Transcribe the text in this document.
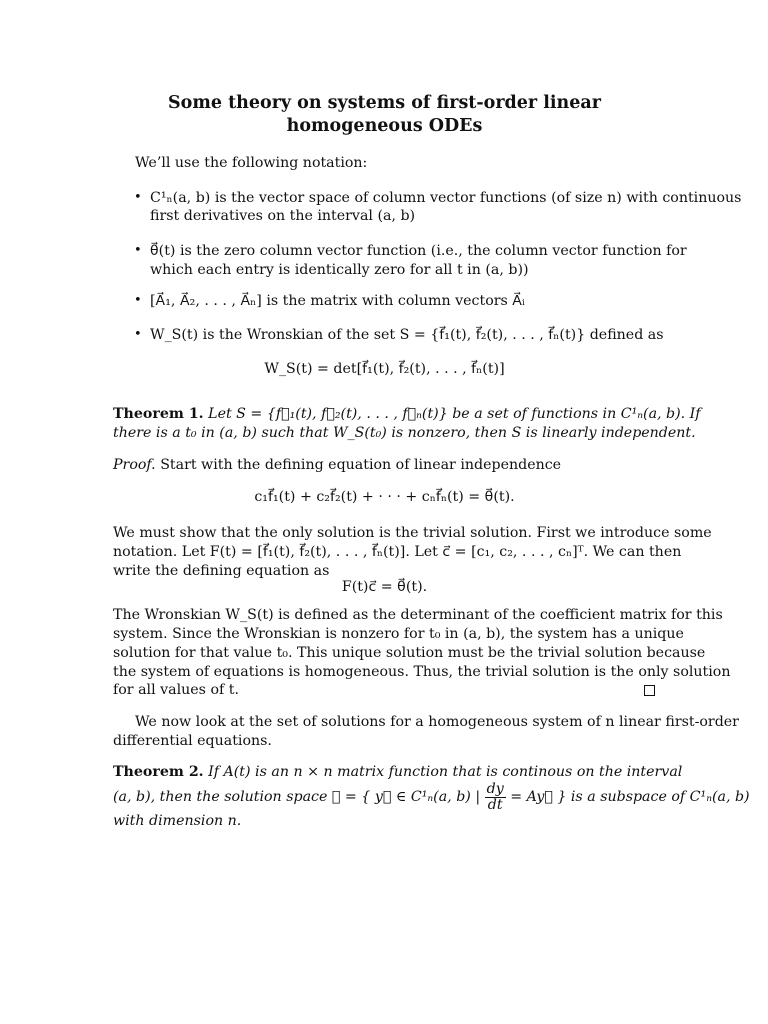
Some theory on systems of first-order linear homogeneous ODEs
We’ll use the following notation:
• C¹ₙ(a, b) is the vector space of column vector functions (of size n) with continuous
first derivatives on the interval (a, b)
• θ⃗(t) is the zero column vector function (i.e., the column vector function for
which each entry is identically zero for all t in (a, b))
• [A⃗₁, A⃗₂, . . . , A⃗ₙ] is the matrix with column vectors A⃗ᵢ
• W_S(t) is the Wronskian of the set S = {f⃗₁(t), f⃗₂(t), . . . , f⃗ₙ(t)} defined as
W_S(t) = det[f⃗₁(t), f⃗₂(t), . . . , f⃗ₙ(t)]
Theorem 1. Let S = {f⃗₁(t), f⃗₂(t), . . . , f⃗ₙ(t)} be a set of functions in C¹ₙ(a, b). If
there is a t₀ in (a, b) such that W_S(t₀) is nonzero, then S is linearly independent.
Proof. Start with the defining equation of linear independence
c₁f⃗₁(t) + c₂f⃗₂(t) + · · · + cₙf⃗ₙ(t) = θ⃗(t).
We must show that the only solution is the trivial solution. First we introduce some
notation. Let F(t) = [f⃗₁(t), f⃗₂(t), . . . , f⃗ₙ(t)]. Let c⃗ = [c₁, c₂, . . . , cₙ]ᵀ. We can then
write the defining equation as
F(t)c⃗ = θ⃗(t).
The Wronskian W_S(t) is defined as the determinant of the coefficient matrix for this
system. Since the Wronskian is nonzero for t₀ in (a, b), the system has a unique
solution for that value t₀. This unique solution must be the trivial solution because
the system of equations is homogeneous. Thus, the trivial solution is the only solution
for all values of t.
We now look at the set of solutions for a homogeneous system of n linear first-order
differential equations.
Theorem 2. If A(t) is an n × n matrix function that is continous on the interval
(a, b), then the solution space 𝒮 = { y⃗ ∈ C¹ₙ(a, b) | $\frac{dy}{dt}$ = Ay⃗ } is a subspace of C¹ₙ(a, b)
with dimension n.
